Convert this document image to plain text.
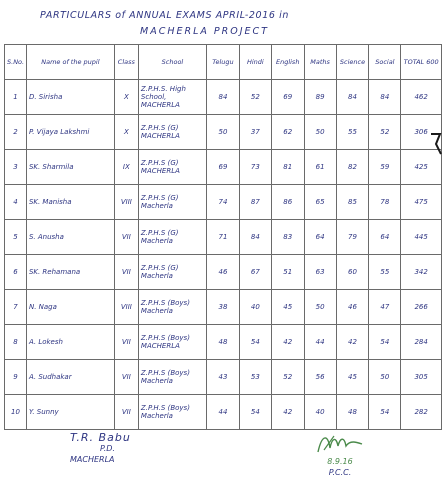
PARTICULARS of ANNUAL EXAMS APRIL-2016 in
MACHERLA PROJECT
S.No.	Name of the pupil	Class	School	Telugu	Hindi	English	Maths	Science	Social	TOTAL 600
1	D. Sirisha	X	Z.P.H.S. High School, MACHERLA	84	52	69	89	84	84	462
2	P. Vijaya Lakshmi	X	Z.P.H.S (G) MACHERLA	50	37	62	50	55	52	306
3	SK. Sharmila	IX	Z.P.H.S (G) MACHERLA	69	73	81	61	82	59	425
4	SK. Manisha	VIII	Z.P.H.S (G) Macherla	74	87	86	65	85	78	475
5	S. Anusha	VII	Z.P.H.S (G) Macherla	71	84	83	64	79	64	445
6	SK. Rehamana	VII	Z.P.H.S (G) Macherla	46	67	51	63	60	55	342
7	N. Naga	VIII	Z.P.H.S (Boys) Macherla	38	40	45	50	46	47	266
8	A. Lokesh	VII	Z.P.H.S (Boys) MACHERLA	48	54	42	44	42	54	284
9	A. Sudhakar	VII	Z.P.H.S (Boys) Macherla	43	53	52	56	45	50	305
10	Y. Sunny	VII	Z.P.H.S (Boys) Macherla	44	54	42	40	48	54	282
T.R. Babu
P.D.
MACHERLA	8.9.16
P.C.C.
